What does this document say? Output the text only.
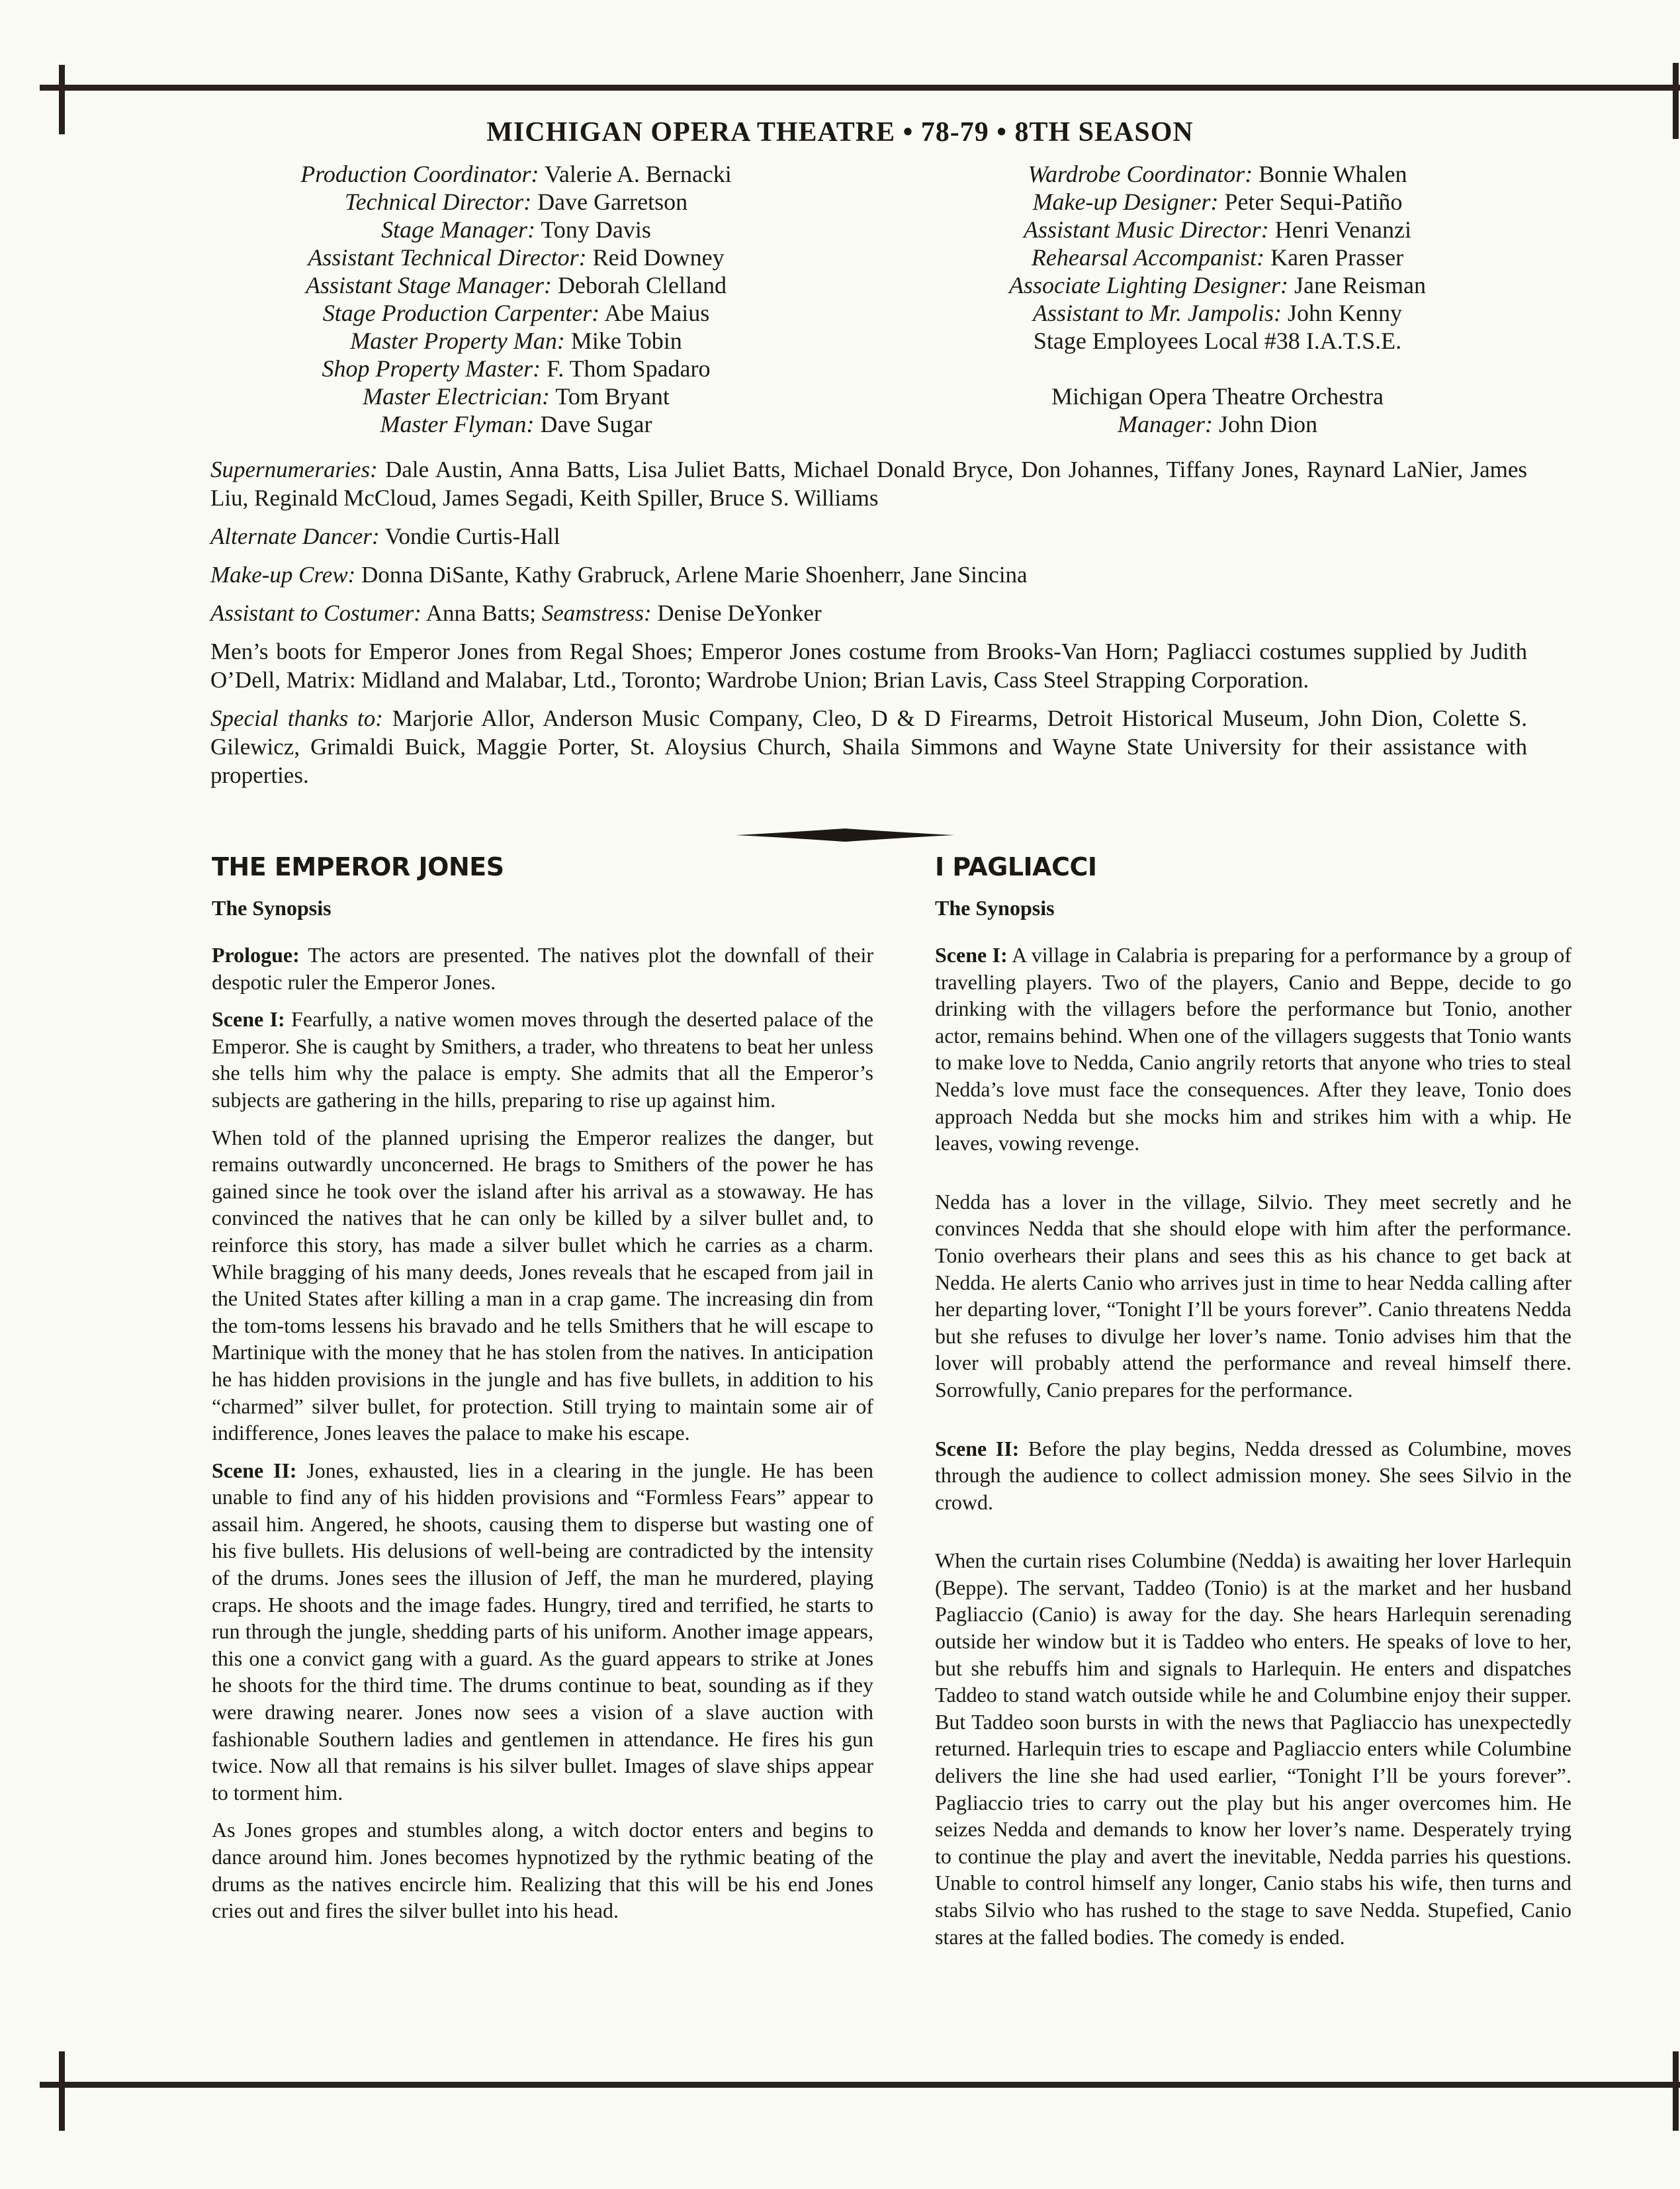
MICHIGAN OPERA THEATRE • 78-79 • 8TH SEASON
Production Coordinator: Valerie A. Bernacki
Technical Director: Dave Garretson
Stage Manager: Tony Davis
Assistant Technical Director: Reid Downey
Assistant Stage Manager: Deborah Clelland
Stage Production Carpenter: Abe Maius
Master Property Man: Mike Tobin
Shop Property Master: F. Thom Spadaro
Master Electrician: Tom Bryant
Master Flyman: Dave Sugar
Wardrobe Coordinator: Bonnie Whalen
Make-up Designer: Peter Sequi-Patiño
Assistant Music Director: Henri Venanzi
Rehearsal Accompanist: Karen Prasser
Associate Lighting Designer: Jane Reisman
Assistant to Mr. Jampolis: John Kenny
Stage Employees Local #38 I.A.T.S.E.
Michigan Opera Theatre Orchestra
Manager: John Dion

Supernumeraries: Dale Austin, Anna Batts, Lisa Juliet Batts, Michael Donald Bryce, Don Johannes, Tiffany Jones, Raynard LaNier, James Liu, Reginald McCloud, James Segadi, Keith Spiller, Bruce S. Williams

Alternate Dancer: Vondie Curtis-Hall

Make-up Crew: Donna DiSante, Kathy Grabruck, Arlene Marie Shoenherr, Jane Sincina

Assistant to Costumer: Anna Batts; Seamstress: Denise DeYonker

Men’s boots for Emperor Jones from Regal Shoes; Emperor Jones costume from Brooks-Van Horn; Pagliacci costumes supplied by Judith O’Dell, Matrix: Midland and Malabar, Ltd., Toronto; Wardrobe Union; Brian Lavis, Cass Steel Strapping Corporation.

Special thanks to: Marjorie Allor, Anderson Music Company, Cleo, D & D Firearms, Detroit Historical Museum, John Dion, Colette S. Gilewicz, Grimaldi Buick, Maggie Porter, St. Aloysius Church, Shaila Simmons and Wayne State University for their assistance with properties.

THE EMPEROR JONES
The Synopsis

Prologue: The actors are presented. The natives plot the downfall of their despotic ruler the Emperor Jones.

Scene I: Fearfully, a native women moves through the deserted palace of the Emperor. She is caught by Smithers, a trader, who threatens to beat her unless she tells him why the palace is empty. She admits that all the Emperor’s subjects are gathering in the hills, preparing to rise up against him.

When told of the planned uprising the Emperor realizes the danger, but remains outwardly unconcerned. He brags to Smithers of the power he has gained since he took over the island after his arrival as a stowaway. He has convinced the natives that he can only be killed by a silver bullet and, to reinforce this story, has made a silver bullet which he carries as a charm. While bragging of his many deeds, Jones reveals that he escaped from jail in the United States after killing a man in a crap game. The increasing din from the tom-toms lessens his bravado and he tells Smithers that he will escape to Martinique with the money that he has stolen from the natives. In anticipation he has hidden provisions in the jungle and has five bullets, in addition to his “charmed” silver bullet, for protection. Still trying to maintain some air of indifference, Jones leaves the palace to make his escape.

Scene II: Jones, exhausted, lies in a clearing in the jungle. He has been unable to find any of his hidden provisions and “Formless Fears” appear to assail him. Angered, he shoots, causing them to disperse but wasting one of his five bullets. His delusions of well-being are contradicted by the intensity of the drums. Jones sees the illusion of Jeff, the man he murdered, playing craps. He shoots and the image fades. Hungry, tired and terrified, he starts to run through the jungle, shedding parts of his uniform. Another image appears, this one a convict gang with a guard. As the guard appears to strike at Jones he shoots for the third time. The drums continue to beat, sounding as if they were drawing nearer. Jones now sees a vision of a slave auction with fashionable Southern ladies and gentlemen in attendance. He fires his gun twice. Now all that remains is his silver bullet. Images of slave ships appear to torment him.

As Jones gropes and stumbles along, a witch doctor enters and begins to dance around him. Jones becomes hypnotized by the rythmic beating of the drums as the natives encircle him. Realizing that this will be his end Jones cries out and fires the silver bullet into his head.

I PAGLIACCI
The Synopsis

Scene I: A village in Calabria is preparing for a performance by a group of travelling players. Two of the players, Canio and Beppe, decide to go drinking with the villagers before the performance but Tonio, another actor, remains behind. When one of the villagers suggests that Tonio wants to make love to Nedda, Canio angrily retorts that anyone who tries to steal Nedda’s love must face the consequences. After they leave, Tonio does approach Nedda but she mocks him and strikes him with a whip. He leaves, vowing revenge.

Nedda has a lover in the village, Silvio. They meet secretly and he convinces Nedda that she should elope with him after the performance. Tonio overhears their plans and sees this as his chance to get back at Nedda. He alerts Canio who arrives just in time to hear Nedda calling after her departing lover, “Tonight I’ll be yours forever”. Canio threatens Nedda but she refuses to divulge her lover’s name. Tonio advises him that the lover will probably attend the performance and reveal himself there. Sorrowfully, Canio prepares for the performance.

Scene II: Before the play begins, Nedda dressed as Columbine, moves through the audience to collect admission money. She sees Silvio in the crowd.

When the curtain rises Columbine (Nedda) is awaiting her lover Harlequin (Beppe). The servant, Taddeo (Tonio) is at the market and her husband Pagliaccio (Canio) is away for the day. She hears Harlequin serenading outside her window but it is Taddeo who enters. He speaks of love to her, but she rebuffs him and signals to Harlequin. He enters and dispatches Taddeo to stand watch outside while he and Columbine enjoy their supper. But Taddeo soon bursts in with the news that Pagliaccio has unexpectedly returned. Harlequin tries to escape and Pagliaccio enters while Columbine delivers the line she had used earlier, “Tonight I’ll be yours forever”. Pagliaccio tries to carry out the play but his anger overcomes him. He seizes Nedda and demands to know her lover’s name. Desperately trying to continue the play and avert the inevitable, Nedda parries his questions. Unable to control himself any longer, Canio stabs his wife, then turns and stabs Silvio who has rushed to the stage to save Nedda. Stupefied, Canio stares at the falled bodies. The comedy is ended.
